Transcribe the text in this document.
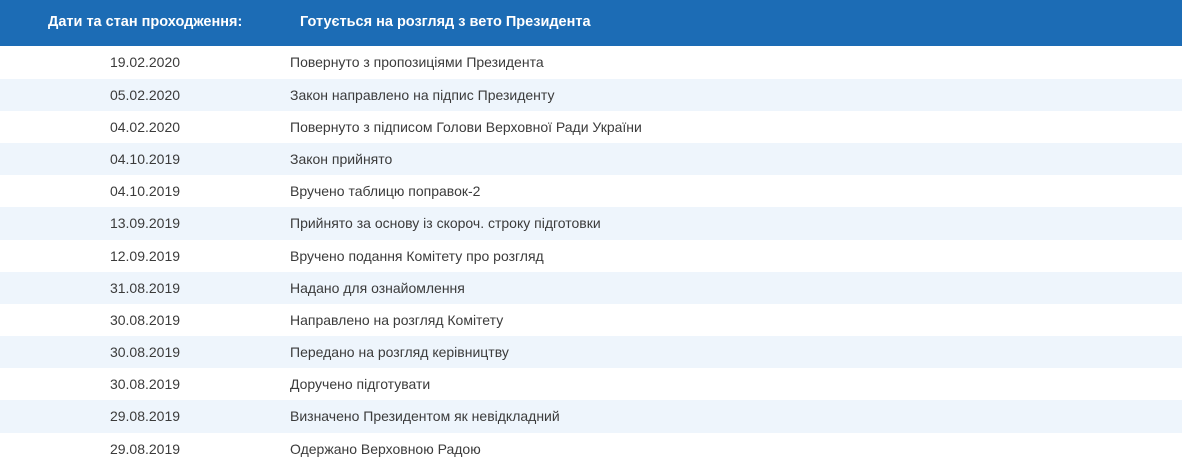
Дати та стан проходження:	Готується на розгляд з вето Президента
19.02.2020	Повернуто з пропозиціями Президента
05.02.2020	Закон направлено на підпис Президенту
04.02.2020	Повернуто з підписом Голови Верховної Ради України
04.10.2019	Закон прийнято
04.10.2019	Вручено таблицю поправок-2
13.09.2019	Прийнято за основу із скороч. строку підготовки
12.09.2019	Вручено подання Комітету про розгляд
31.08.2019	Надано для ознайомлення
30.08.2019	Направлено на розгляд Комітету
30.08.2019	Передано на розгляд керівництву
30.08.2019	Доручено підготувати
29.08.2019	Визначено Президентом як невідкладний
29.08.2019	Одержано Верховною Радою
